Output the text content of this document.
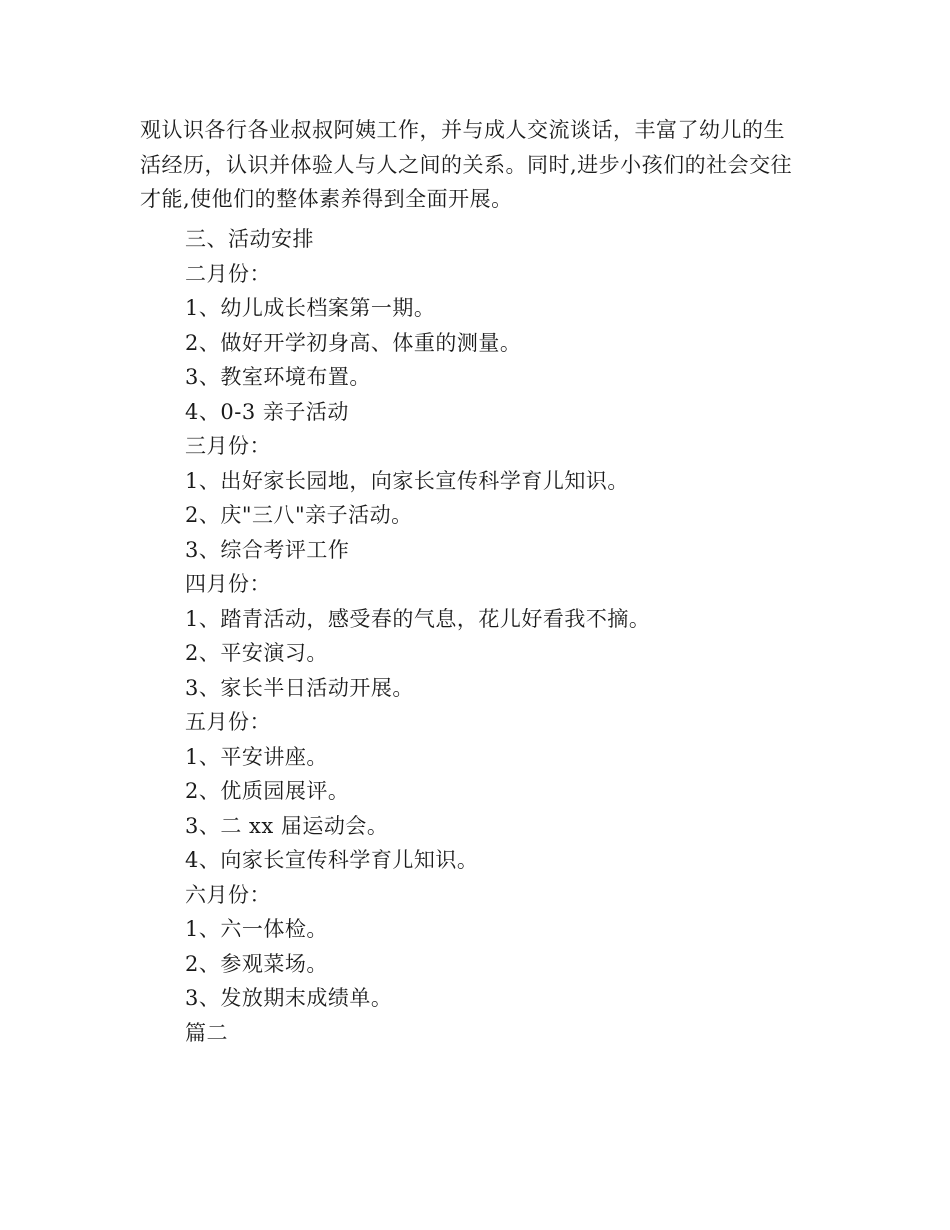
观认识各行各业叔叔阿姨工作，并与成人交流谈话，丰富了幼儿的生
活经历，认识并体验人与人之间的关系。同时,进步小孩们的社会交往
才能,使他们的整体素养得到全面开展。
三、活动安排
二月份：
1、幼儿成长档案第一期。
2、做好开学初身高、体重的测量。
3、教室环境布置。
4、0-3 亲子活动
三月份：
1、出好家长园地，向家长宣传科学育儿知识。
2、庆"三八"亲子活动。
3、综合考评工作
四月份：
1、踏青活动，感受春的气息，花儿好看我不摘。
2、平安演习。
3、家长半日活动开展。
五月份：
1、平安讲座。
2、优质园展评。
3、二 xx 届运动会。
4、向家长宣传科学育儿知识。
六月份：
1、六一体检。
2、参观菜场。
3、发放期末成绩单。
篇二
